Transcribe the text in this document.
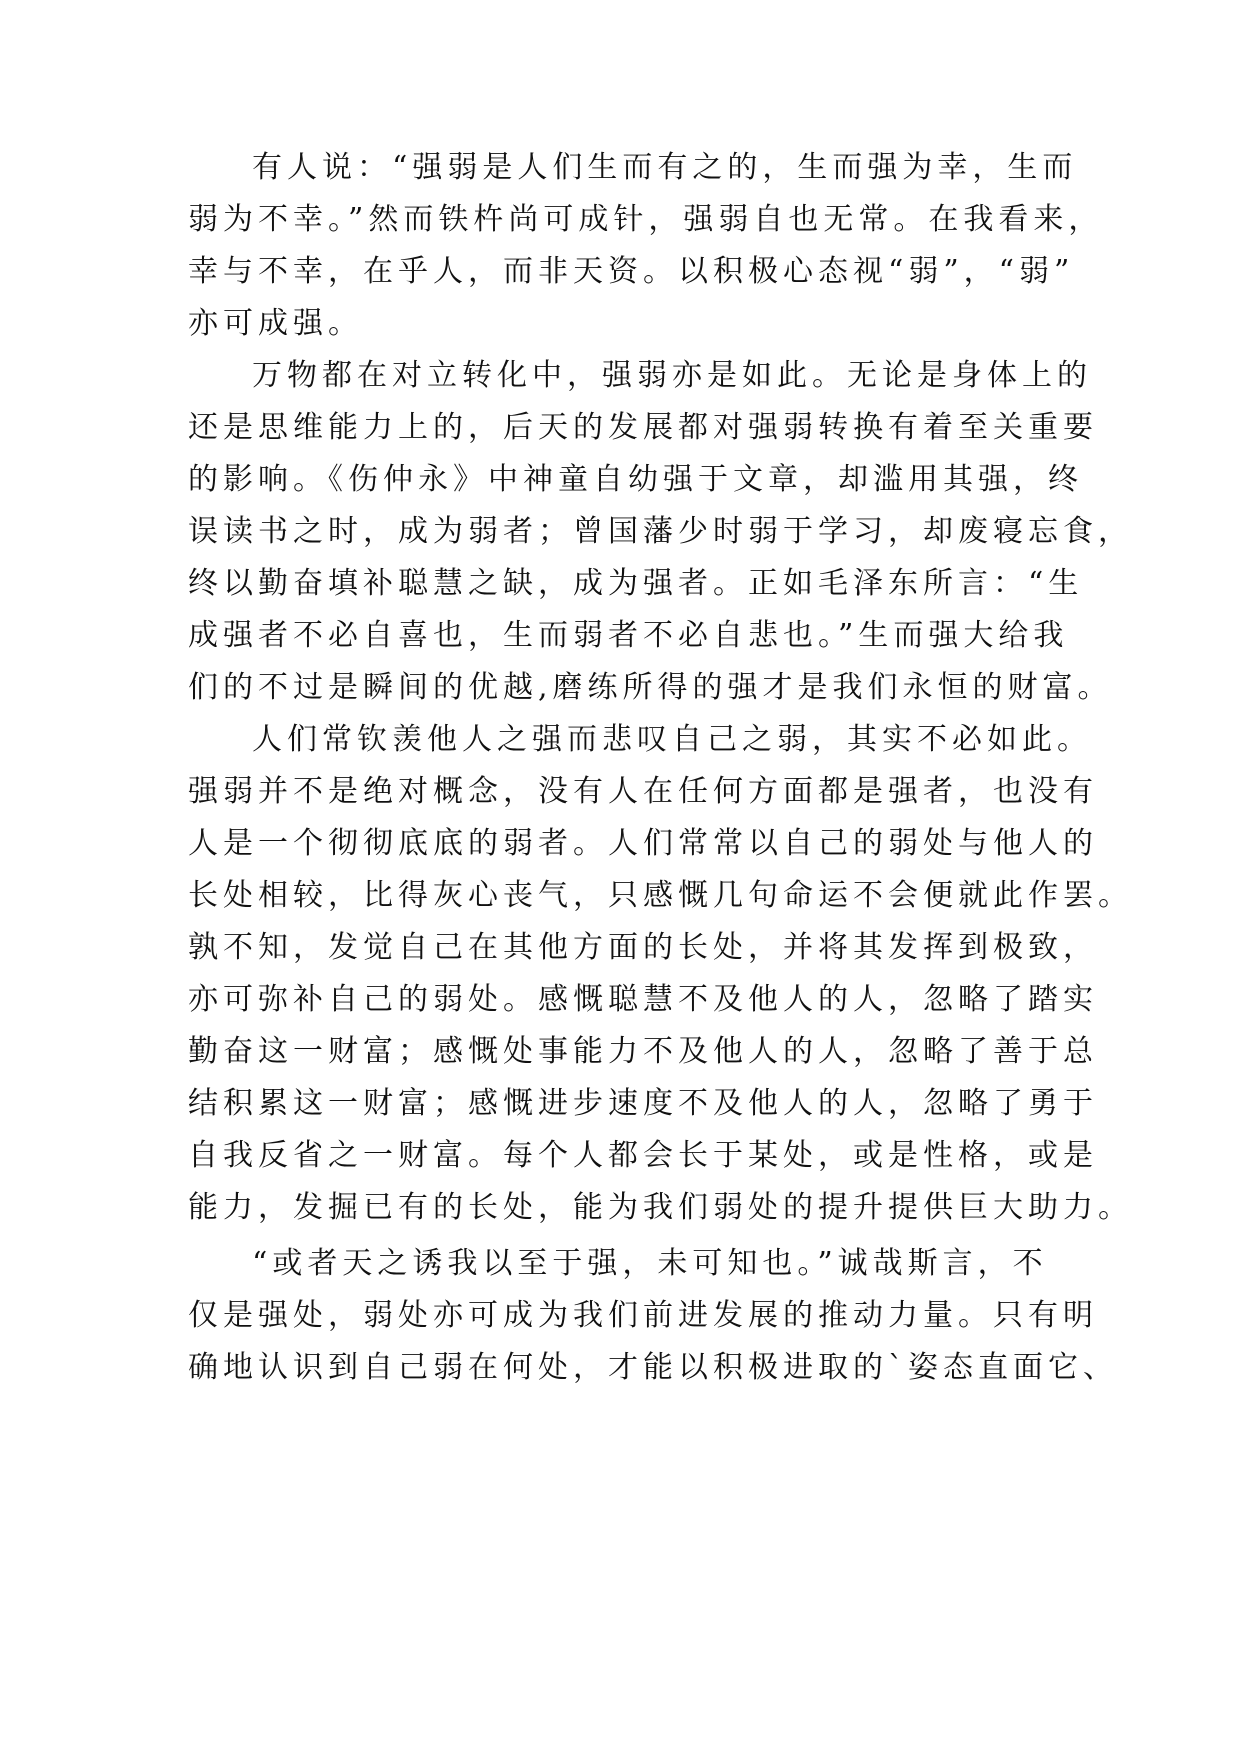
有人说：“强弱是人们生而有之的，生而强为幸，生而
弱为不幸。”然而铁杵尚可成针，强弱自也无常。在我看来，
幸与不幸，在乎人，而非天资。以积极心态视“弱”，“弱”
亦可成强。
万物都在对立转化中，强弱亦是如此。无论是身体上的
还是思维能力上的，后天的发展都对强弱转换有着至关重要
的影响。《伤仲永》中神童自幼强于文章，却滥用其强，终
误读书之时，成为弱者；曾国藩少时弱于学习，却废寝忘食，
终以勤奋填补聪慧之缺，成为强者。正如毛泽东所言：“生
成强者不必自喜也，生而弱者不必自悲也。”生而强大给我
们的不过是瞬间的优越,磨练所得的强才是我们永恒的财富。
人们常钦羡他人之强而悲叹自己之弱，其实不必如此。
强弱并不是绝对概念，没有人在任何方面都是强者，也没有
人是一个彻彻底底的弱者。人们常常以自己的弱处与他人的
长处相较，比得灰心丧气，只感慨几句命运不会便就此作罢。
孰不知，发觉自己在其他方面的长处，并将其发挥到极致，
亦可弥补自己的弱处。感慨聪慧不及他人的人，忽略了踏实
勤奋这一财富；感慨处事能力不及他人的人，忽略了善于总
结积累这一财富；感慨进步速度不及他人的人，忽略了勇于
自我反省之一财富。每个人都会长于某处，或是性格，或是
能力，发掘已有的长处，能为我们弱处的提升提供巨大助力。
“或者天之诱我以至于强，未可知也。”诚哉斯言，不
仅是强处，弱处亦可成为我们前进发展的推动力量。只有明
确地认识到自己弱在何处，才能以积极进取的`姿态直面它、
